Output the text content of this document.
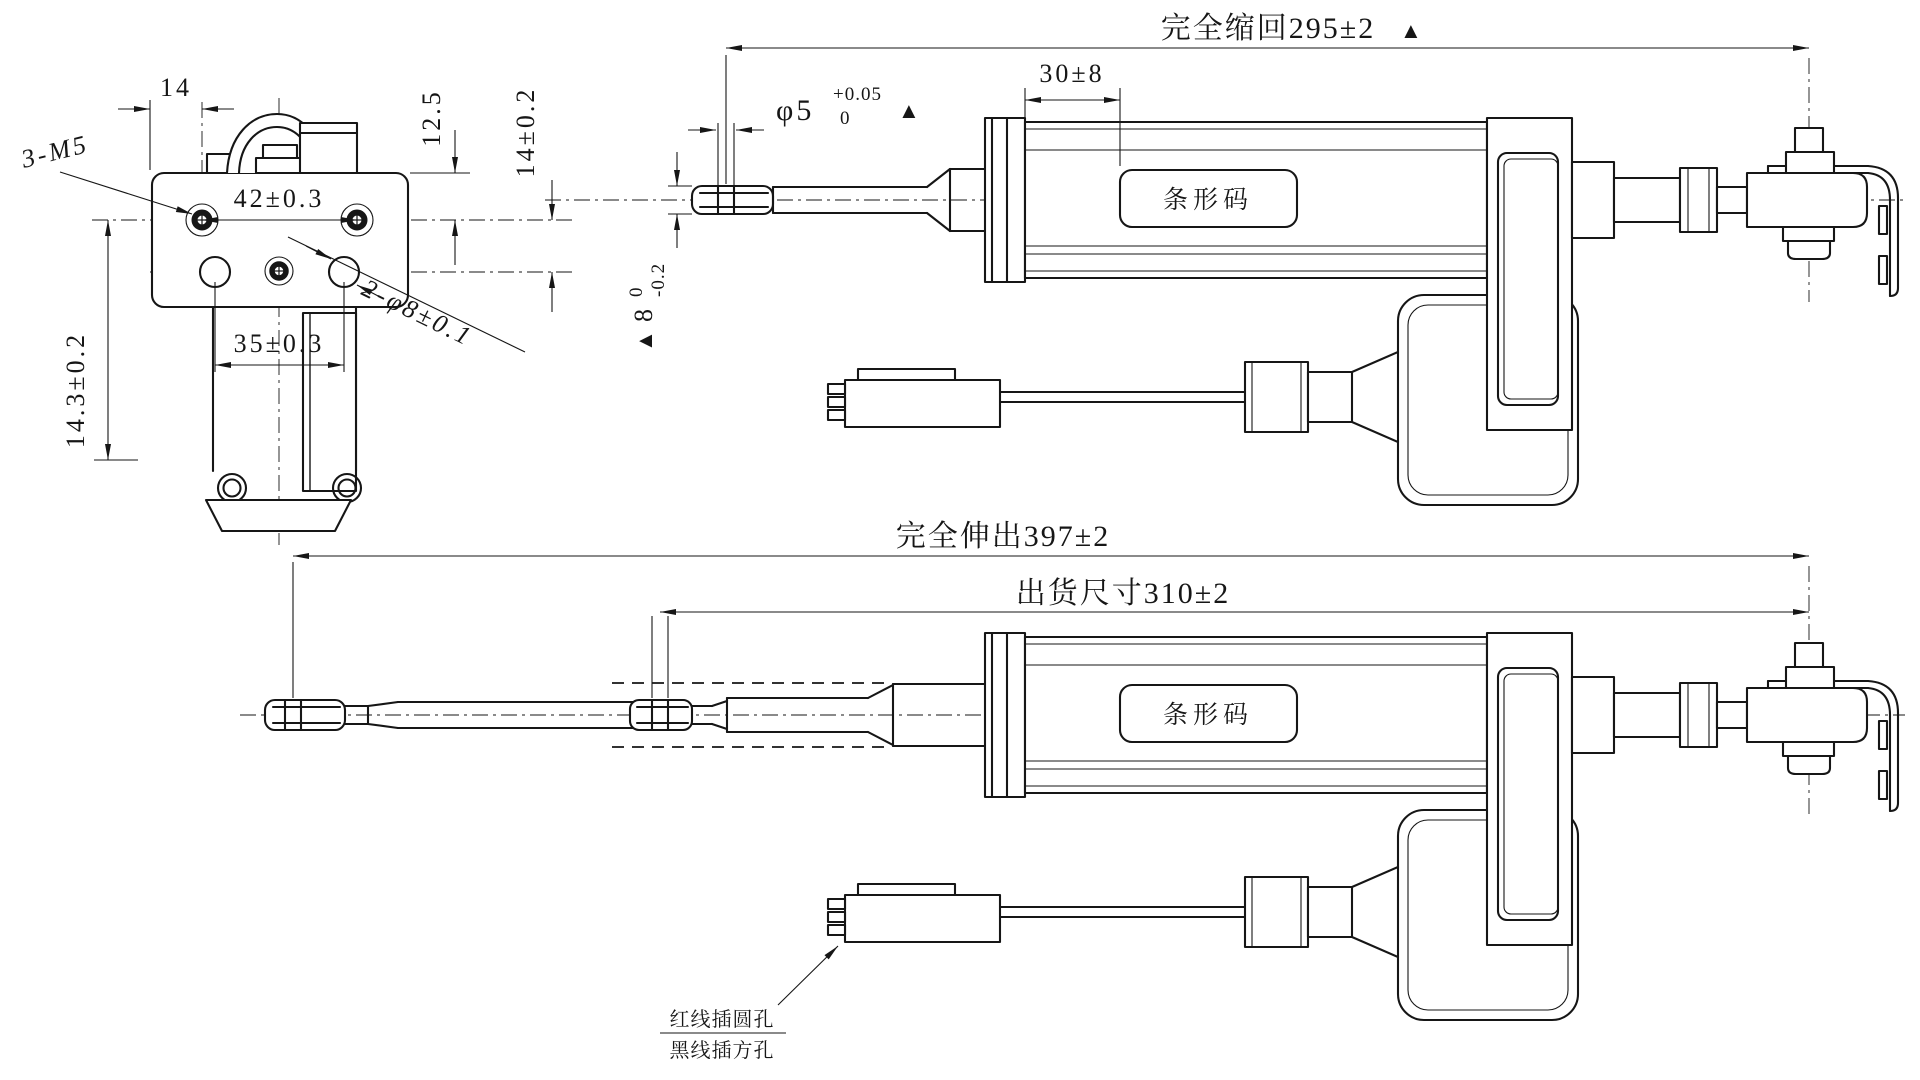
14
42±0.3
35±0.3
12.5	14±0.2
14.3±0.2
3-M5
2-φ8±0.1
条形码
完全缩回295±2 ▲
φ5 +0.05
0 ▲
▲
8
0 -0.2
30±8
条形码
完全伸出397±2
出货尺寸310±2
红线插圆孔
黑线插方孔
